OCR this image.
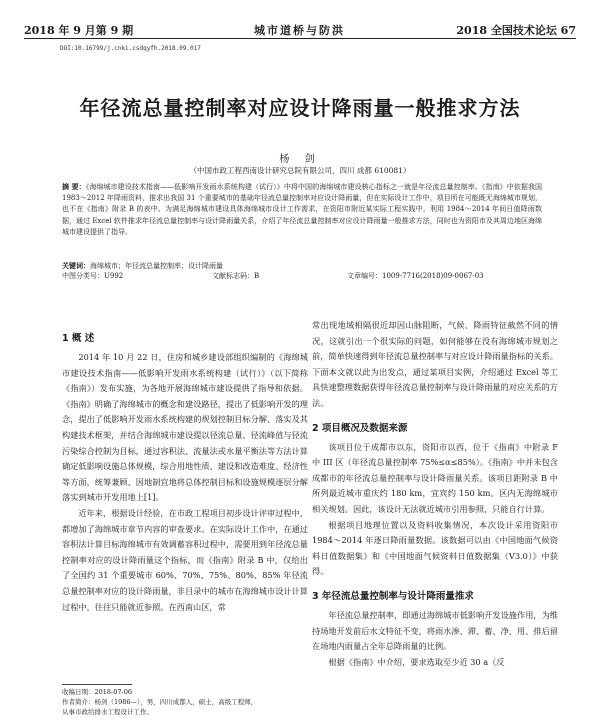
2018 年 9 月第 9 期	城市道桥与防洪	2018 全国技术论坛 67
DOI:10.16799/j.cnki.csdqyfh.2018.09.017
年径流总量控制率对应设计降雨量一般推求方法
杨 剑
（中国市政工程西南设计研究总院有限公司，四川 成都 610081）
摘 要：《海绵城市建设技术指南——低影响开发雨水系统构建（试行）》中将中国的海绵城市建设核心指标之一就是年径流总量控制率。《指南》中依据我国 1983～2012 年降雨资料，推求出我国 31 个重要城市的基础年径流总量控制率对应设计降雨量，但在实际设计工作中，项目所在可能既无海绵城市规划，也不在《指南》附录 B 的表中。为满足海绵城市建设具体海绵城市设计工作需求，在资阳市附近某实际工程实践中，利用 1984～2014 年间日值降雨数据，通过 Excel 软件推求年径流总量控制率与设计降雨量关系，介绍了年径流总量控制率对应设计降雨量一般推求方法，同时也为资阳市及其周边地区海绵城市建设提供了指导。
关键词：海绵城市；年径流总量控制率；设计降雨量
中图分类号：U992	文献标志码：B	文章编号：1009-7716(2018)09-0067-03
1 概 述

2014 年 10 月 22 日，住房和城乡建设部组织编制的《海绵城市建设技术指南——低影响开发雨水系统构建（试行）》（以下简称《指南》）发布实施，为各地开展海绵城市建设提供了指导和依据。《指南》明确了海绵城市的概念和建设路径，提出了低影响开发的理念，提出了低影响开发雨水系统构建的规划控制目标分解、落实及其构建技术框架，并结合海绵城市建设提以径流总量、径流峰值与径流污染综合控制为目标，通过容积法、流量法或水量平衡法等方法计算确定低影响设施总体规模，综合用地性质、建设和改造难度、经济性等方面，统筹兼顾、因地制宜地将总体控制目标和设施规模逐层分解落实到城市开发用地上[1]。

近年来，根据设计经验，在市政工程项目初步设计评审过程中，都增加了海绵城市章节内容的审查要求。在实际设计工作中，在通过容积法计算目标海绵城市有效调蓄容积过程中，需要用到年径流总量控制率对应的设计降雨量这个指标，而《指南》附录 B 中，仅给出了全国约 31 个重要城市 60%、70%、75%、80%、85% 年径流总量控制率对应的设计降雨量，非目录中的城市在海绵城市设计计算过程中，往往只能就近参照。在西南山区，常

常出现地域相隔很近却因山脉阻断，气候、降雨特征截然不同的情况，这就引出一个很实际的问题，如何能够在没有海绵城市规划之前，简单快速得到年径流总量控制率与对应设计降雨量指标的关系。下面本文就以此为出发点，通过某项目实例，介绍通过 Excel 等工具快速整理数据获得年径流总量控制率与设计降雨量的对应关系的方法。

2 项目概况及数据来源

该项目位于成都市以东，资阳市以西，位于《指南》中附录 F 中 III 区（年径流总量控制率 75%≤α≤85%）。《指南》中并未包含成都市的年径流总量控制率与设计降雨量关系。该项目距附录 B 中所列最近城市重庆约 180 km，宜宾约 150 km。区内无海绵城市相关规划。因此，该设计无法就近城市引用参照，只能自行计算。

根据项目地理位置以及资料收集情况，本次设计采用资阳市 1984～2014 年逐日降雨量数据。该数据可以由《中国地面气候资料日值数据集》和《中国地面气候资料日值数据集（V3.0）》中获得。

3 年径流总量控制率与设计降雨量推求

年径流总量控制率，即通过海绵城市低影响开发设施作用，为维持场地开发前后水文特征不变，将雨水渗、滞、蓄、净、用、排后留在场地内雨量占全年总降雨量的比例。

根据《指南》中介绍，要求选取至少近 30 a（反

收稿日期：2018-07-06
作者简介：杨剑（1986—），男，四川成都人，硕士，高级工程师，
从事市政给排水工程设计工作。
